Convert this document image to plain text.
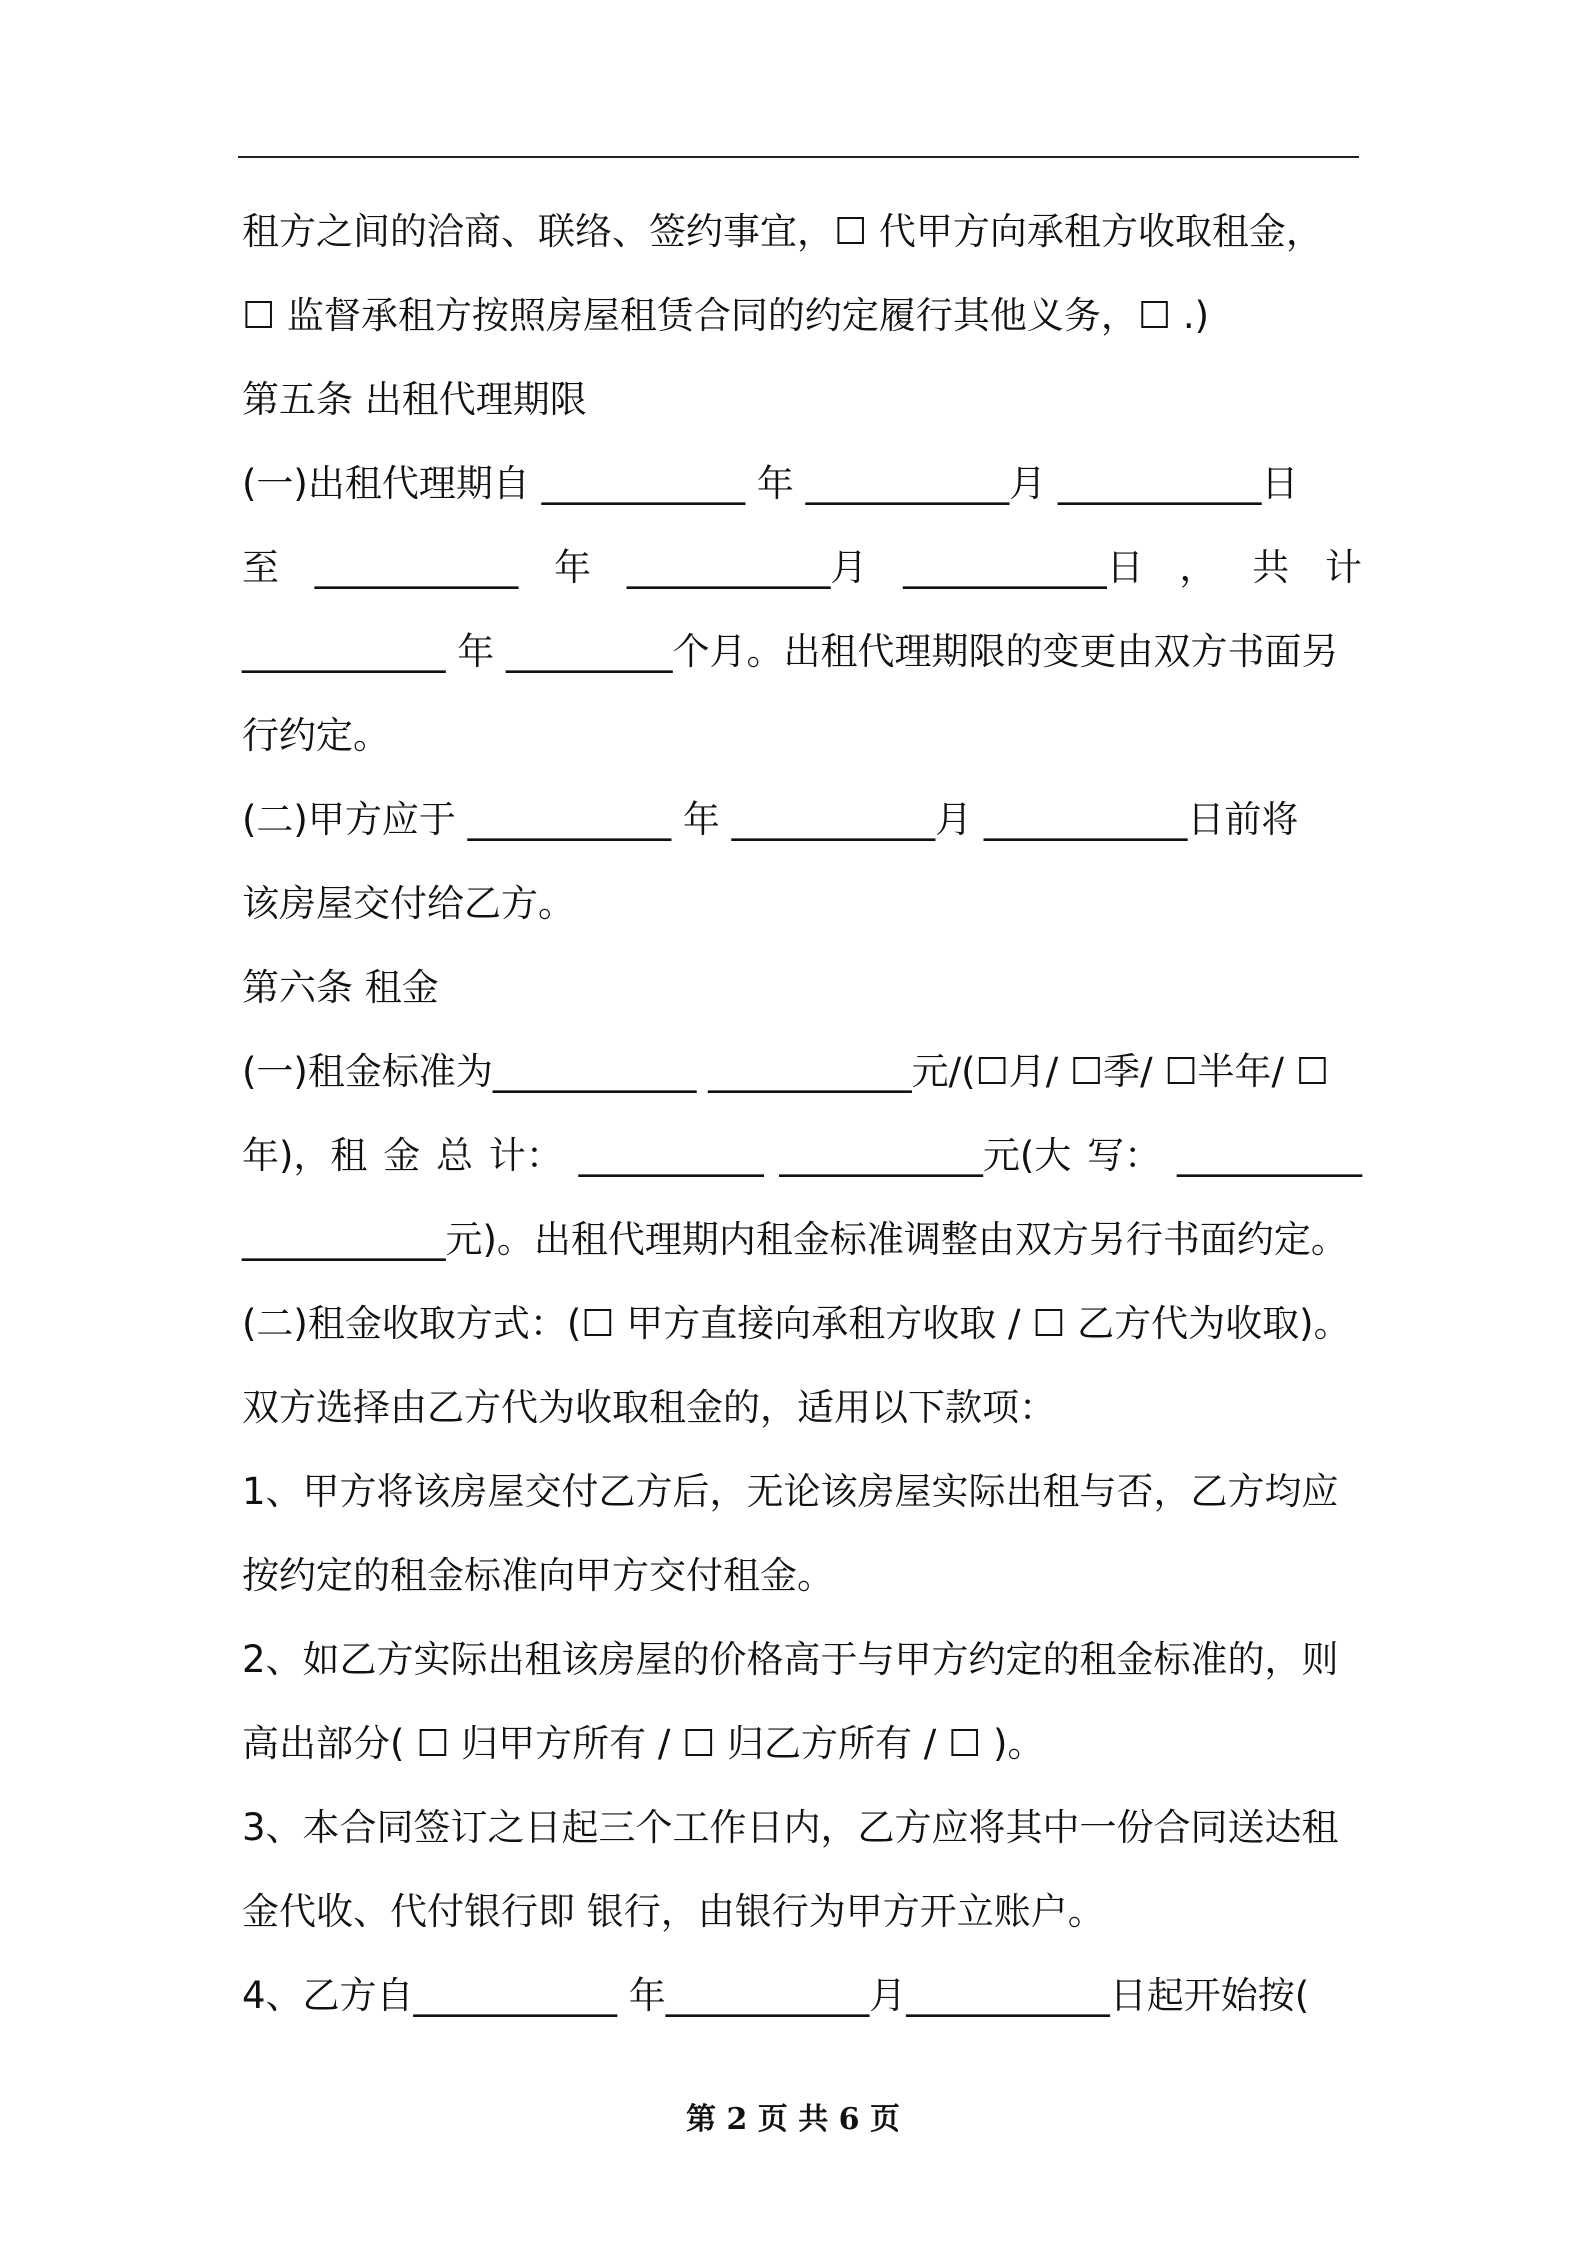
租方之间的洽商、联络、签约事宜，☐ 代甲方向承租方收取租金，
☐ 监督承租方按照房屋租赁合同的约定履行其他义务，☐ .)
第五条 出租代理期限
(一)出租代理期自 ___________ 年 ___________月 ___________日
至 ___________ 年 ___________月 ___________日 ， 共 计
___________ 年 _________个月。出租代理期限的变更由双方书面另
行约定。
(二)甲方应于 ___________ 年 ___________月 ___________日前将
该房屋交付给乙方。
第六条 租金
(一)租金标准为___________ ___________元/(☐月/ ☐季/ ☐半年/ ☐
年)，租 金 总 计： __________ ___________元(大 写： __________
___________元)。出租代理期内租金标准调整由双方另行书面约定。
(二)租金收取方式：(☐ 甲方直接向承租方收取 / ☐ 乙方代为收取)。
双方选择由乙方代为收取租金的，适用以下款项：
1、甲方将该房屋交付乙方后，无论该房屋实际出租与否，乙方均应
按约定的租金标准向甲方交付租金。
2、如乙方实际出租该房屋的价格高于与甲方约定的租金标准的，则
高出部分( ☐ 归甲方所有 / ☐ 归乙方所有 / ☐ )。
3、本合同签订之日起三个工作日内，乙方应将其中一份合同送达租
金代收、代付银行即 银行，由银行为甲方开立账户。
4、乙方自___________ 年___________月___________日起开始按(
第 2 页 共 6 页
